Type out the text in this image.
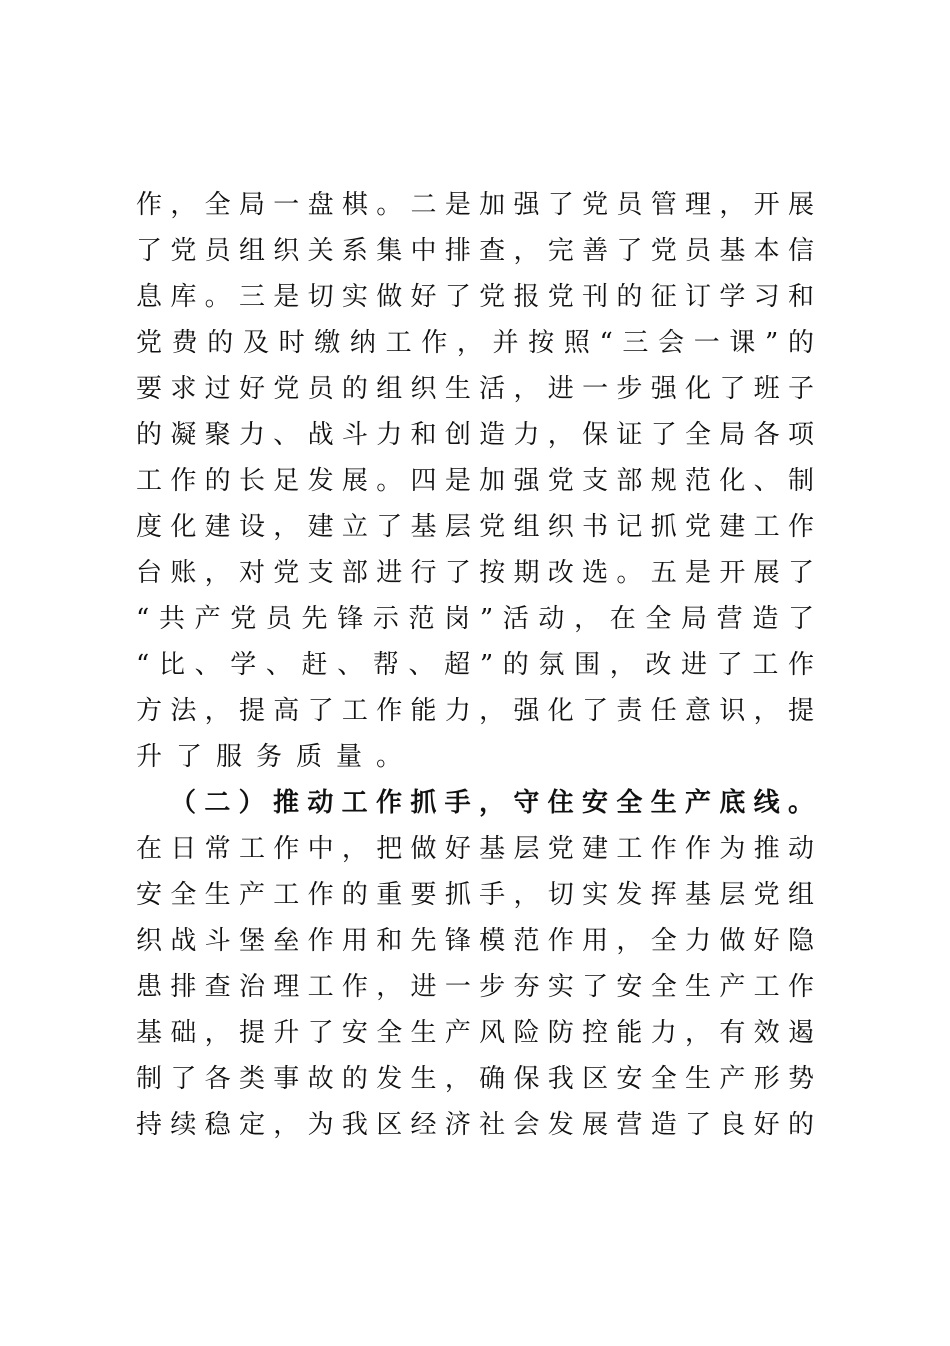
作，全局一盘棋。二是加强了党员管理，开展
了党员组织关系集中排查，完善了党员基本信
息库。三是切实做好了党报党刊的征订学习和
党费的及时缴纳工作，并按照“三会一课”的
要求过好党员的组织生活，进一步强化了班子
的凝聚力、战斗力和创造力，保证了全局各项
工作的长足发展。四是加强党支部规范化、制
度化建设，建立了基层党组织书记抓党建工作
台账，对党支部进行了按期改选。五是开展了
“共产党员先锋示范岗”活动，在全局营造了
“比、学、赶、帮、超”的氛围，改进了工作
方法，提高了工作能力，强化了责任意识，提
升了服务质量。
（二）推动工作抓手，守住安全生产底线。
在日常工作中，把做好基层党建工作作为推动
安全生产工作的重要抓手，切实发挥基层党组
织战斗堡垒作用和先锋模范作用，全力做好隐
患排查治理工作，进一步夯实了安全生产工作
基础，提升了安全生产风险防控能力，有效遏
制了各类事故的发生，确保我区安全生产形势
持续稳定，为我区经济社会发展营造了良好的
